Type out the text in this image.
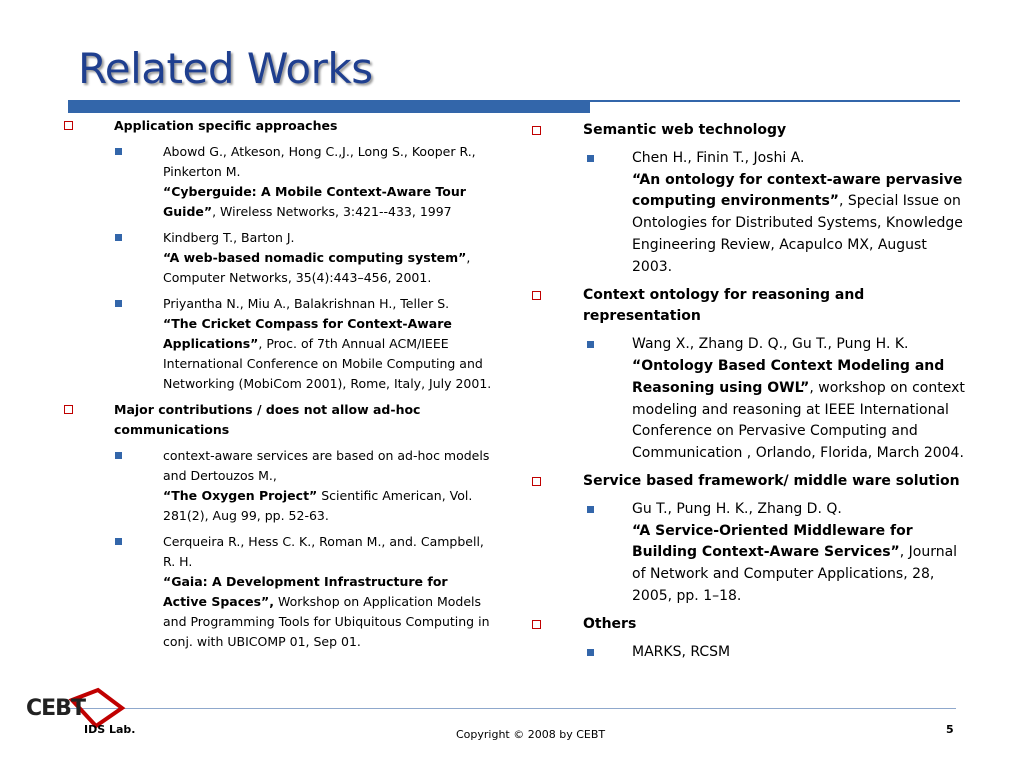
Related Works
Application specific approaches
Abowd G., Atkeson, Hong C.,J., Long S., Kooper R., Pinkerton M.
“Cyberguide: A Mobile Context-Aware Tour Guide”, Wireless Networks, 3:421--433, 1997
Kindberg T., Barton J.
“A web-based nomadic computing system”, Computer Networks, 35(4):443–456, 2001.
Priyantha N., Miu A., Balakrishnan H., Teller S.
“The Cricket Compass for Context-Aware Applications”, Proc. of 7th Annual ACM/IEEE International Conference on Mobile Computing and Networking (MobiCom 2001), Rome, Italy, July 2001.
Major contributions / does not allow ad-hoc communications
context-aware services are based on ad-hoc models and Dertouzos M.,
“The Oxygen Project” Scientific American, Vol. 281(2), Aug 99, pp. 52-63.
Cerqueira R., Hess C. K., Roman M., and. Campbell, R. H.
“Gaia: A Development Infrastructure for Active Spaces”, Workshop on Application Models and Programming Tools for Ubiquitous Computing in conj. with UBICOMP 01, Sep 01.
Semantic web technology
Chen H., Finin T., Joshi A.
“An ontology for context-aware pervasive computing environments”, Special Issue on Ontologies for Distributed Systems, Knowledge Engineering Review, Acapulco MX, August 2003.
Context ontology for reasoning and representation
Wang X., Zhang D. Q., Gu T., Pung H. K.
“Ontology Based Context Modeling and Reasoning using OWL”, workshop on context modeling and reasoning at IEEE International Conference on Pervasive Computing and Communication , Orlando, Florida, March 2004.
Service based framework/ middle ware solution
Gu T., Pung H. K., Zhang D. Q.
“A Service-Oriented Middleware for Building Context-Aware Services”, Journal of Network and Computer Applications, 28, 2005, pp. 1–18.
Others
MARKS, RCSM
CEBT
IDS Lab.	Copyright © 2008 by CEBT	5
